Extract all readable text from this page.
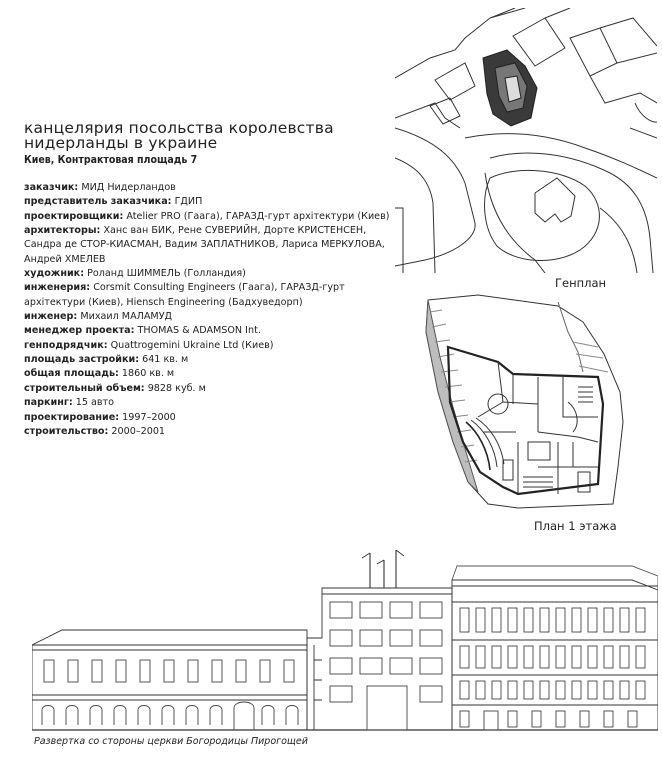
канцелярия посольства королевства
нидерланды в украине
Киев, Контрактовая площадь 7
заказчик: МИД Нидерландов
представитель заказчика: ГДИП
проектировщики: Atelier PRO (Гаага), ГАРАЗД-гурт архітектури (Киев)
архитекторы: Ханс ван БИК, Рене СУВЕРИЙН, Дорте КРИСТЕНСЕН,
Сандра де СТОР-КИАСМАН, Вадим ЗАПЛАТНИКОВ, Лариса МЕРКУЛОВА,
Андрей ХМЕЛЕВ
художник: Роланд ШИММЕЛЬ (Голландия)
инженерия: Corsmit Consulting Engineers (Гаага), ГАРАЗД-гурт
архітектури (Киев), Hiensch Engineering (Бадхуведорп)
инженер: Михаил МАЛАМУД
менеджер проекта: THOMAS & ADAMSON Int.
генподрядчик: Quattrogemini Ukraine Ltd (Киев)
площадь застройки: 641 кв. м
общая площадь: 1860 кв. м
строительный объем: 9828 куб. м
паркинг: 15 авто
проектирование: 1997–2000
строительство: 2000–2001
Генплан
План 1 этажа
Развертка со стороны церкви Богородицы Пирогощей
